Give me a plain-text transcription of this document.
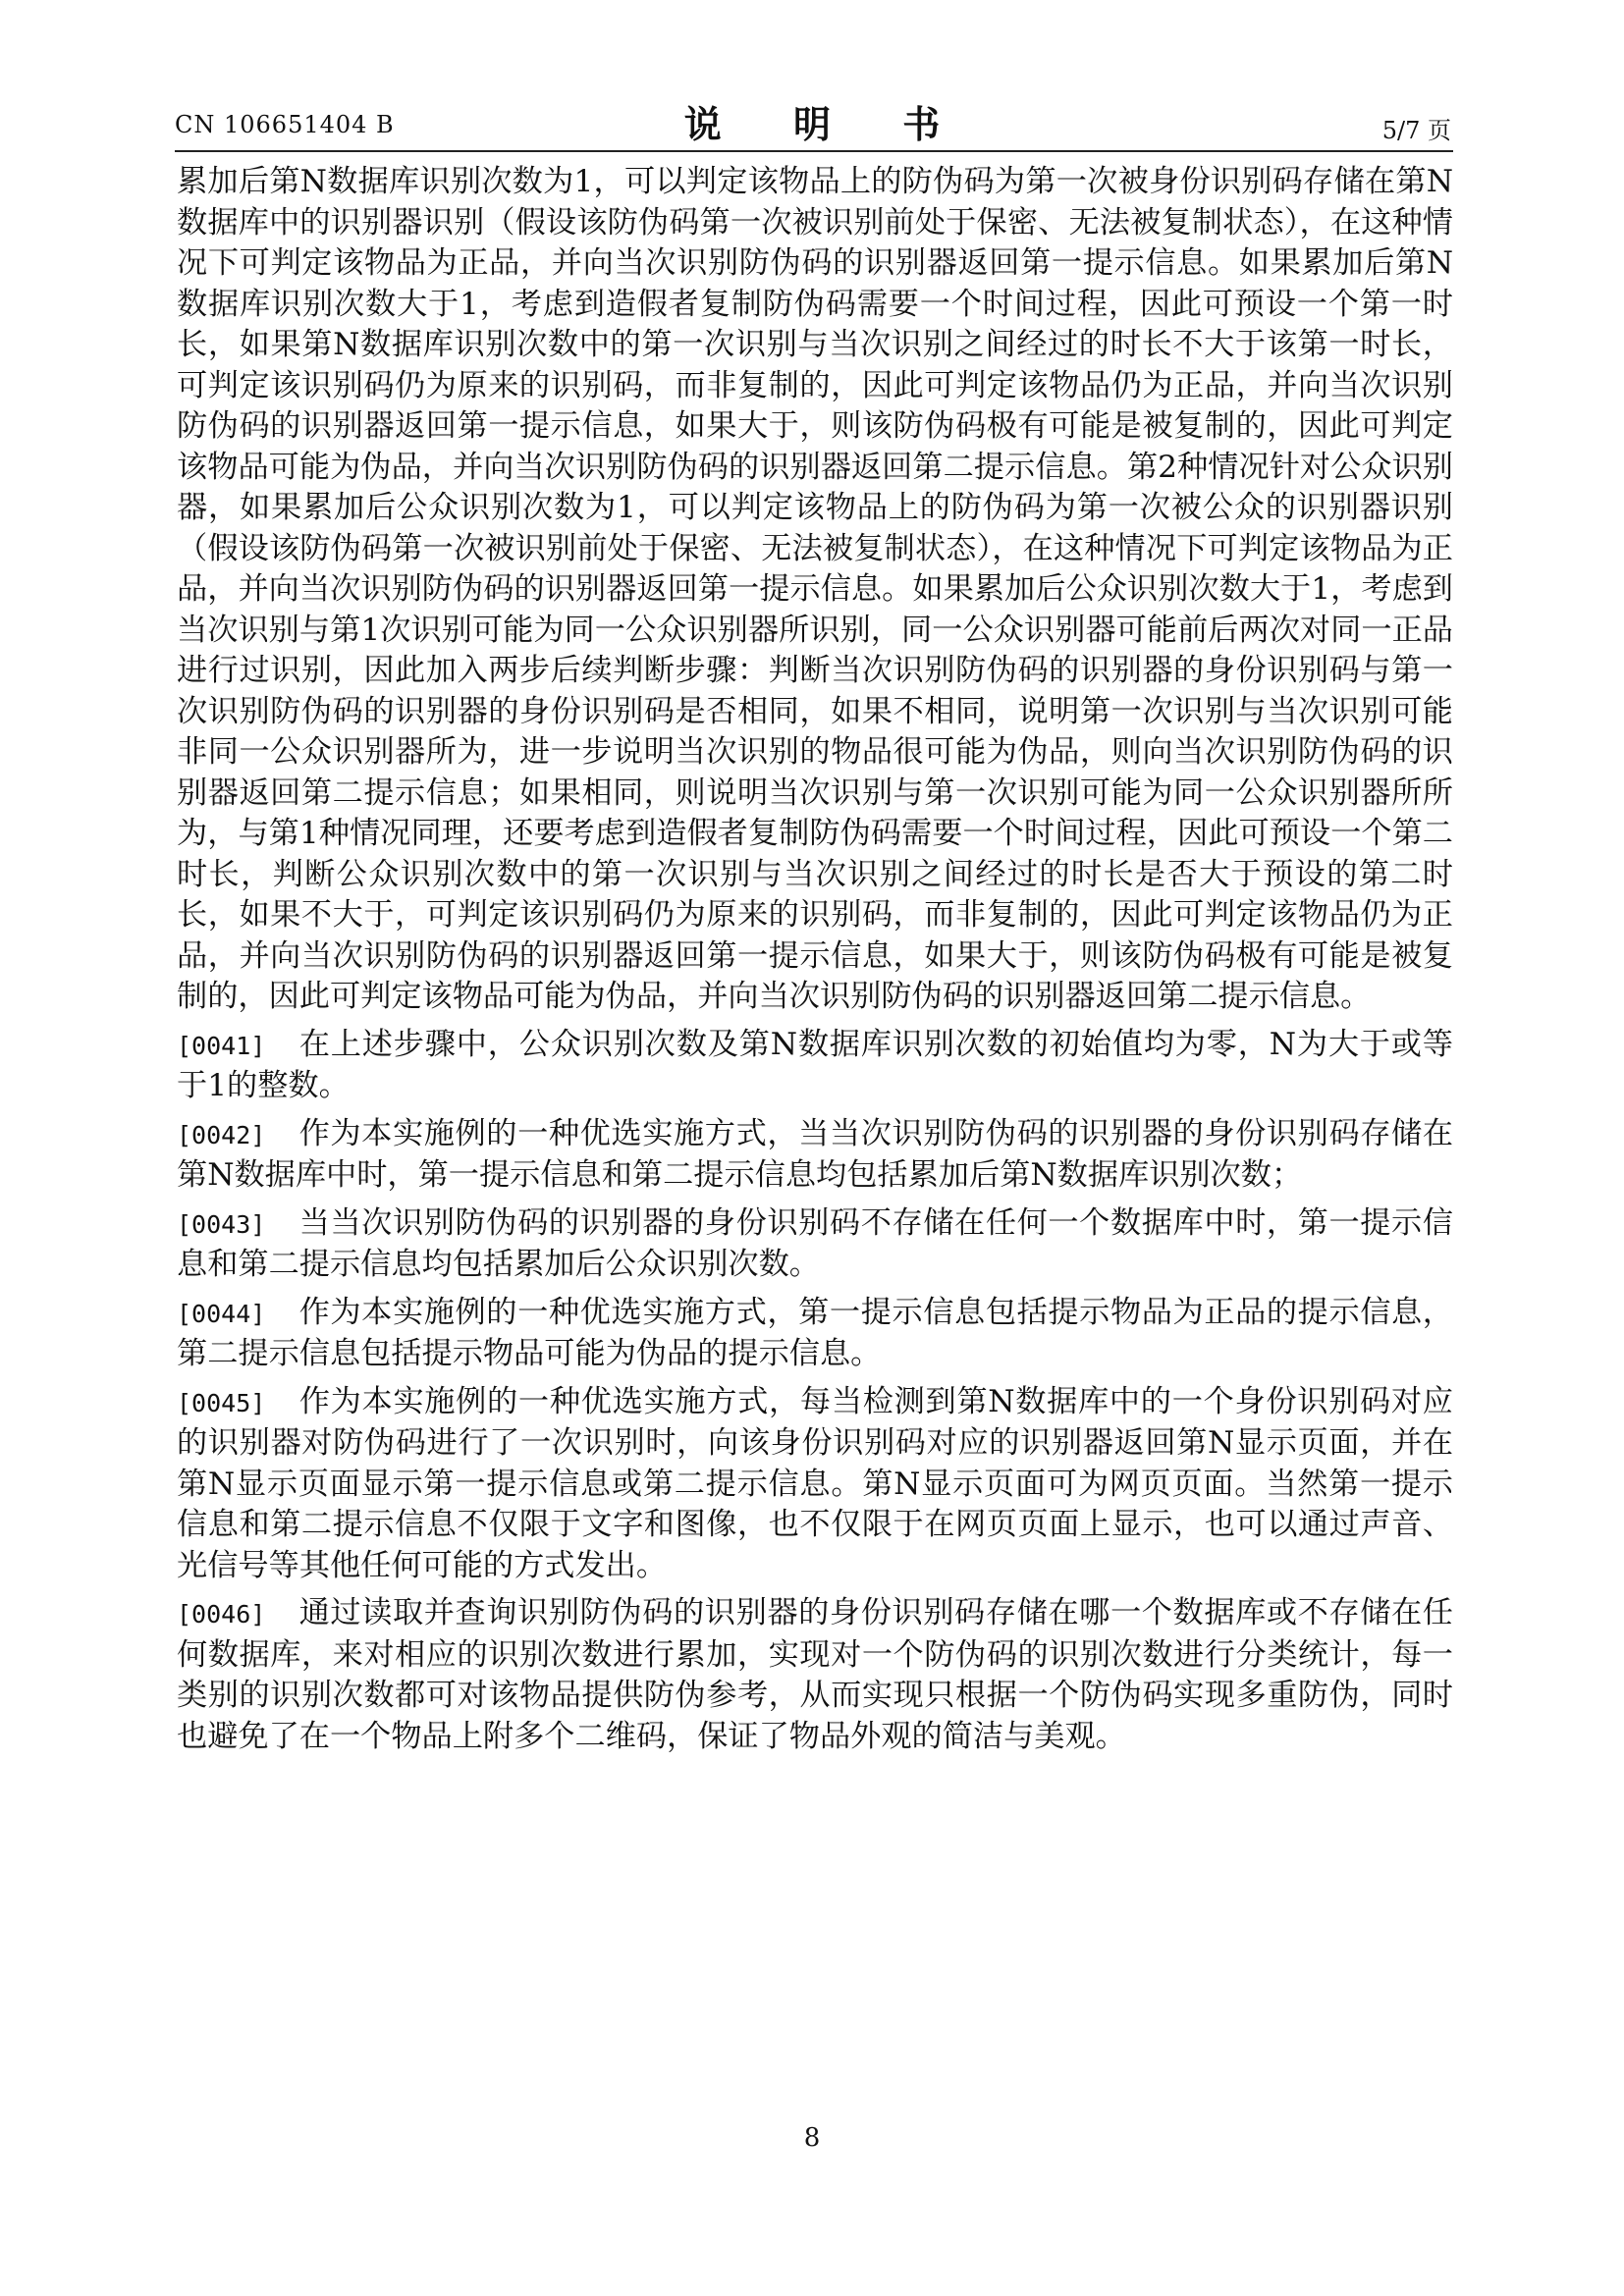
CN 106651404 B	说 明 书	5/7 页

累加后第N数据库识别次数为1，可以判定该物品上的防伪码为第一次被身份识别码存储在第N数据库中的识别器识别（假设该防伪码第一次被识别前处于保密、无法被复制状态），在这种情况下可判定该物品为正品，并向当次识别防伪码的识别器返回第一提示信息。如果累加后第N数据库识别次数大于1，考虑到造假者复制防伪码需要一个时间过程，因此可预设一个第一时长，如果第N数据库识别次数中的第一次识别与当次识别之间经过的时长不大于该第一时长，可判定该识别码仍为原来的识别码，而非复制的，因此可判定该物品仍为正品，并向当次识别防伪码的识别器返回第一提示信息，如果大于，则该防伪码极有可能是被复制的，因此可判定该物品可能为伪品，并向当次识别防伪码的识别器返回第二提示信息。第2种情况针对公众识别器，如果累加后公众识别次数为1，可以判定该物品上的防伪码为第一次被公众的识别器识别（假设该防伪码第一次被识别前处于保密、无法被复制状态），在这种情况下可判定该物品为正品，并向当次识别防伪码的识别器返回第一提示信息。如果累加后公众识别次数大于1，考虑到当次识别与第1次识别可能为同一公众识别器所识别，同一公众识别器可能前后两次对同一正品进行过识别，因此加入两步后续判断步骤：判断当次识别防伪码的识别器的身份识别码与第一次识别防伪码的识别器的身份识别码是否相同，如果不相同，说明第一次识别与当次识别可能非同一公众识别器所为，进一步说明当次识别的物品很可能为伪品，则向当次识别防伪码的识别器返回第二提示信息；如果相同，则说明当次识别与第一次识别可能为同一公众识别器所所为，与第1种情况同理，还要考虑到造假者复制防伪码需要一个时间过程，因此可预设一个第二时长，判断公众识别次数中的第一次识别与当次识别之间经过的时长是否大于预设的第二时长，如果不大于，可判定该识别码仍为原来的识别码，而非复制的，因此可判定该物品仍为正品，并向当次识别防伪码的识别器返回第一提示信息，如果大于，则该防伪码极有可能是被复制的，因此可判定该物品可能为伪品，并向当次识别防伪码的识别器返回第二提示信息。

[0041] 在上述步骤中，公众识别次数及第N数据库识别次数的初始值均为零，N为大于或等于1的整数。

[0042] 作为本实施例的一种优选实施方式，当当次识别防伪码的识别器的身份识别码存储在第N数据库中时，第一提示信息和第二提示信息均包括累加后第N数据库识别次数；

[0043] 当当次识别防伪码的识别器的身份识别码不存储在任何一个数据库中时，第一提示信息和第二提示信息均包括累加后公众识别次数。

[0044] 作为本实施例的一种优选实施方式，第一提示信息包括提示物品为正品的提示信息，第二提示信息包括提示物品可能为伪品的提示信息。

[0045] 作为本实施例的一种优选实施方式，每当检测到第N数据库中的一个身份识别码对应的识别器对防伪码进行了一次识别时，向该身份识别码对应的识别器返回第N显示页面，并在第N显示页面显示第一提示信息或第二提示信息。第N显示页面可为网页页面。当然第一提示信息和第二提示信息不仅限于文字和图像，也不仅限于在网页页面上显示，也可以通过声音、光信号等其他任何可能的方式发出。

[0046] 通过读取并查询识别防伪码的识别器的身份识别码存储在哪一个数据库或不存储在任何数据库，来对相应的识别次数进行累加，实现对一个防伪码的识别次数进行分类统计，每一类别的识别次数都可对该物品提供防伪参考，从而实现只根据一个防伪码实现多重防伪，同时也避免了在一个物品上附多个二维码，保证了物品外观的简洁与美观。

8
